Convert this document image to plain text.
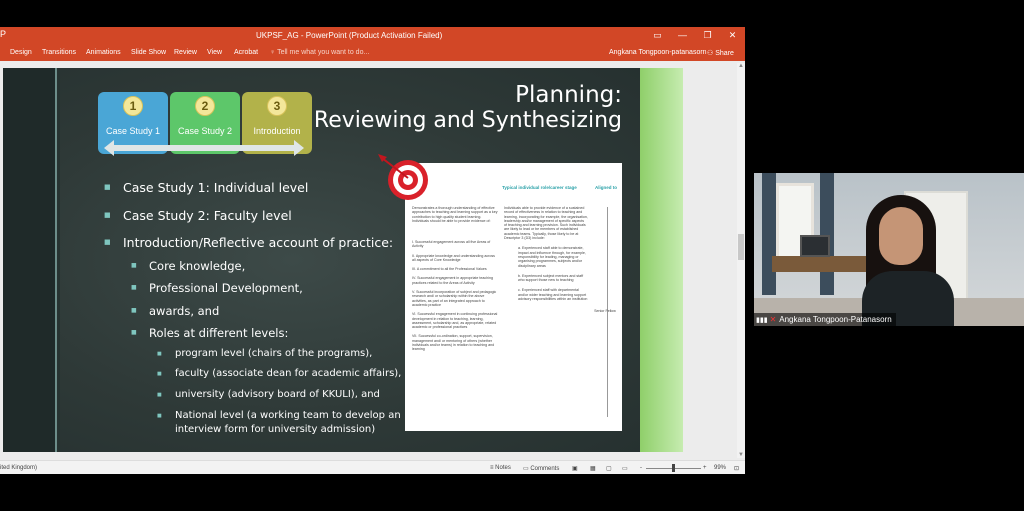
P	UKPSF_AG - PowerPoint (Product Activation Failed)	▭	—	❐	✕
Design Transitions Animations Slide Show Review View Acrobat ♀ Tell me what you want to do...	Angkana Tongpoon-patanasorn ⚇ Share
▲
▼
Planning:
Reviewing and Synthesizing
1
Case Study 1
2
Case Study 2
3
Introduction
■ Case Study 1: Individual level
■ Case Study 2: Faculty level
■ Introduction/Reflective account of practice:
■ Core knowledge,
■ Professional Development,
■ awards, and
■ Roles at different levels:
■ program level (chairs of the programs),
■ faculty (associate dean for academic affairs),
■ university (advisory board of KKULI), and
■ National level (a working team to develop an
interview form for university admission)
Typical individual role/career stage	Aligned to
Demonstrates a thorough understanding of effective approaches to teaching and learning support as a key contribution to high quality student learning. Individuals should be able to provide evidence of:
I. Successful engagement across all five Areas of Activity
II. Appropriate knowledge and understanding across all aspects of Core Knowledge
III. A commitment to all the Professional Values
IV. Successful engagement in appropriate teaching practices related to the Areas of Activity
V. Successful incorporation of subject and pedagogic research and/ or scholarship within the above activities, as part of an integrated approach to academic practice
VI. Successful engagement in continuing professional development in relation to teaching, learning, assessment, scholarship and, as appropriate, related academic or professional practices
VII. Successful co-ordination, support, supervision, management and/ or mentoring of others (whether individuals and/or teams) in relation to teaching and learning
Individuals able to provide evidence of a sustained record of effectiveness in relation to teaching and learning, incorporating for example, the organisation, leadership and/or management of specific aspects of teaching and learning provision. Such individuals are likely to lead or be members of established academic teams. Typically, those likely to be at Descriptor 3 (D3) include:
a. Experienced staff able to demonstrate, impact and influence through, for example, responsibility for leading, managing or organising programmes, subjects and/or disciplinary areas
b. Experienced subject mentors and staff who support those new to teaching
c. Experienced staff with departmental and/or wider teaching and learning support advisory responsibilities within an institution
Senior Fellow
ited Kingdom)	≡ Notes ▭ Comments ▣ ▦ ▢ ▭ -	+ 99% ⊡
▮▮▮ ✕ Angkana Tongpoon-Patanasorn
